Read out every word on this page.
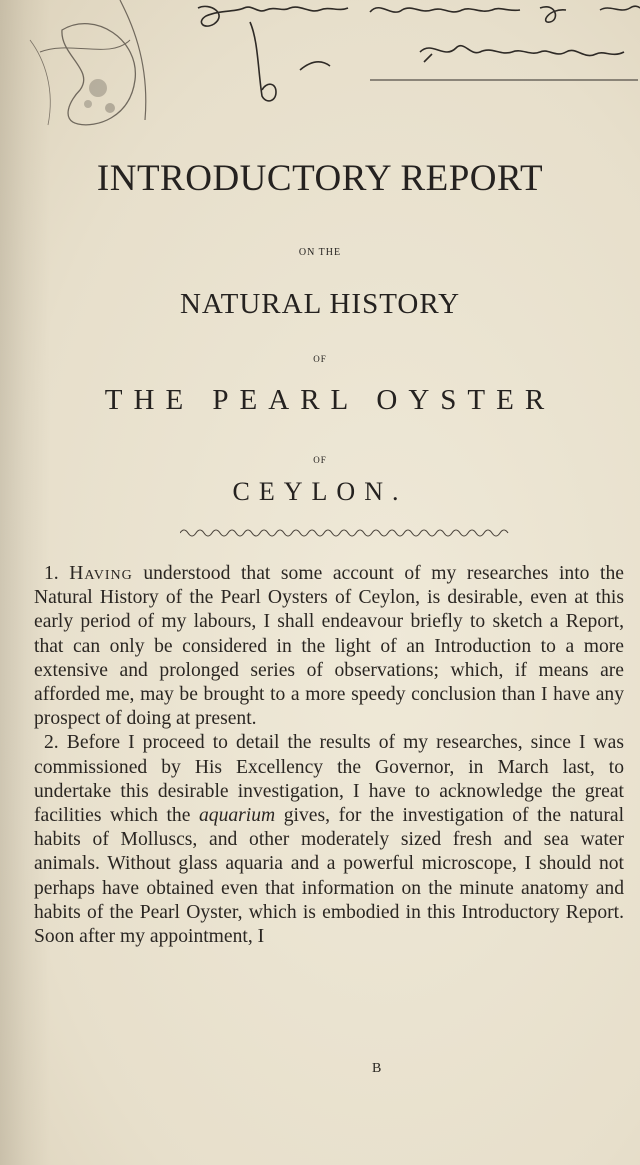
INTRODUCTORY REPORT
ON THE
NATURAL HISTORY
OF
THE PEARL OYSTER
OF
CEYLON.

1. Having understood that some account of my researches into the Natural History of the Pearl Oysters of Ceylon, is desirable, even at this early period of my labours, I shall endeavour briefly to sketch a Report, that can only be considered in the light of an Introduction to a more extensive and prolonged series of observations; which, if means are afforded me, may be brought to a more speedy conclusion than I have any prospect of doing at present.

2. Before I proceed to detail the results of my researches, since I was commissioned by His Excellency the Governor, in March last, to undertake this desirable investigation, I have to acknowledge the great facilities which the aquarium gives, for the investigation of the natural habits of Molluscs, and other moderately sized fresh and sea water animals. Without glass aquaria and a powerful microscope, I should not perhaps have obtained even that information on the minute anatomy and habits of the Pearl Oyster, which is embodied in this Introductory Report. Soon after my appointment, I

B
